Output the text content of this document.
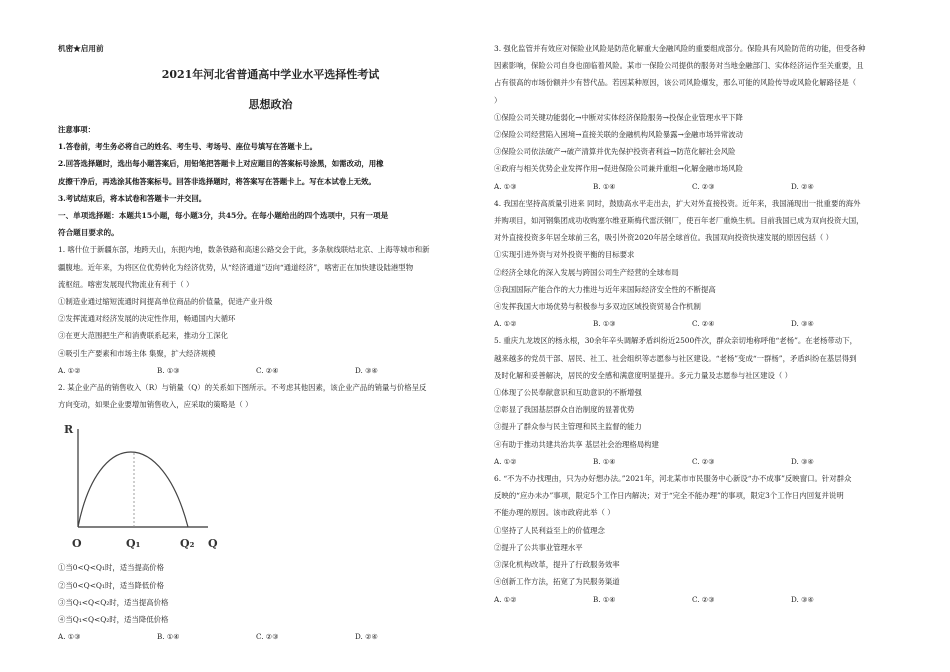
机密★启用前
2021年河北省普通高中学业水平选择性考试
思想政治
注意事项：
1.答卷前，考生务必将自己的姓名、考生号、考场号、座位号填写在答题卡上。
2.回答选择题时，选出每小题答案后，用铅笔把答题卡上对应题目的答案标号涂黑，如需改动，用橡
皮擦干净后，再选涂其他答案标号。回答非选择题时，将答案写在答题卡上。写在本试卷上无效。
3.考试结束后，将本试卷和答题卡一并交回。
一、单项选择题：本题共15小题，每小题3分，共45分。在每小题给出的四个选项中，只有一项是
符合题目要求的。
1. 喀什位于新疆东部，地跨天山，东扼内地，数条铁路和高速公路交会于此，多条航线联结北京、上海等城市和新
疆腹地。近年来，为将区位优势转化为经济优势，从“经济通道”迈向“通道经济”，喀密正在加快建设陆港型物
流枢纽。喀密发展现代物流业有利于（ ）
①制造业通过缩短流通时间提高单位商品的价值量，促进产业升级
②发挥流通对经济发展的决定性作用，畅通国内大循环
③在更大范围把生产和消费联系起来，推动分工深化
④吸引生产要素和市场主体 集聚，扩大经济规模
A. ①②	B. ①③	C. ②④	D. ③④
2. 某企业产品的销售收入（R）与销量（Q）的关系如下图所示。不考虑其他因素，该企业产品的销量与价格呈反
方向变动，如果企业要增加销售收入，应采取的策略是（ ）
R
O	Q₁	Q₂ Q
①当0<Q<Q₁时，适当提高价格
②当0<Q<Q₁时，适当降低价格
③当Q₁<Q<Q₂时，适当提高价格
④当Q₁<Q<Q₂时，适当降低价格
A. ①③	B. ①④	C. ②③	D. ②④
3. 强化监管并有效应对保险业风险是防范化解重大金融风险的重要组成部分。保险具有风险防范的功能，但受各种
因素影响，保险公司自身也面临着风险。某市一保险公司提供的服务对当地金融部门、实体经济运作至关重要，且
占有很高的市场份额并少有替代品。若因某种原因，该公司风险爆发，那么可能的风险传导或风险化解路径是（
）
①保险公司关键功能弱化→中断对实体经济保险服务→投保企业管理水平下降
②保险公司经营陷入困境→直接关联的金融机构风险暴露→金融市场异常波动
③保险公司依法破产→破产清算并优先保护投资者利益→防范化解社会风险
④政府与相关优势企业发挥作用→促进保险公司兼并重组→化解金融市场风险
A. ①③	B. ①④	C. ②③	D. ②④
4. 我国在坚持高质量引进来 同时，鼓励高水平走出去，扩大对外直接投资。近年来，我国涌现出一批重要的海外
并购项目，如河钢集团成功收购塞尔维亚斯梅代雷沃钢厂，使百年老厂重焕生机。目前我国已成为双向投资大国，
对外直接投资多年居全球前三名，吸引外资2020年居全球首位。我国双向投资快速发展的原因包括（ ）
①实现引进外资与对外投资平衡的目标要求
②经济全球化的深入发展与跨国公司生产经营的全球布局
③我国国际产能合作的大力推进与近年来国际经济安全性的不断提高
④发挥我国大市场优势与积极参与多双边区域投资贸易合作机制
A. ①②	B. ①③	C. ②④	D. ③④
5. 重庆九龙坡区的杨永根，30余年辛头调解矛盾纠纷近2500件次，群众亲切地称呼他“老杨”。在老杨带动下，
越来越多的党员干部、居民、社工、社会组织等志愿参与社区建设。“老杨”变成“一群杨”，矛盾纠纷在基层得到
及时化解和妥善解决，居民的安全感和满意度明显提升。多元力量及志愿参与社区建设（ ）
①体现了公民奉献意识和互助意识的不断增强
②彰显了我国基层群众自治制度的显著优势
③提升了群众参与民主管理和民主监督的能力
④有助于推动共建共治共享 基层社会治理格局构建
A. ①②	B. ①④	C. ②③	D. ③④
6. “不为不办找理由，只为办好想办法。”2021年，河北某市市民服务中心新设“办不成事”反映窗口。针对群众
反映的“应办未办”事项，限定5个工作日内解决；对于“完全不能办理”的事项，限定3个工作日内回复并说明
不能办理的原因。该市政府此举（ ）
①坚持了人民利益至上的价值理念
②提升了公共事业管理水平
③深化机构改革，提升了行政服务效率
④创新工作方法，拓宽了为民服务渠道
A. ①②	B. ①④	C. ②③	D. ③④
